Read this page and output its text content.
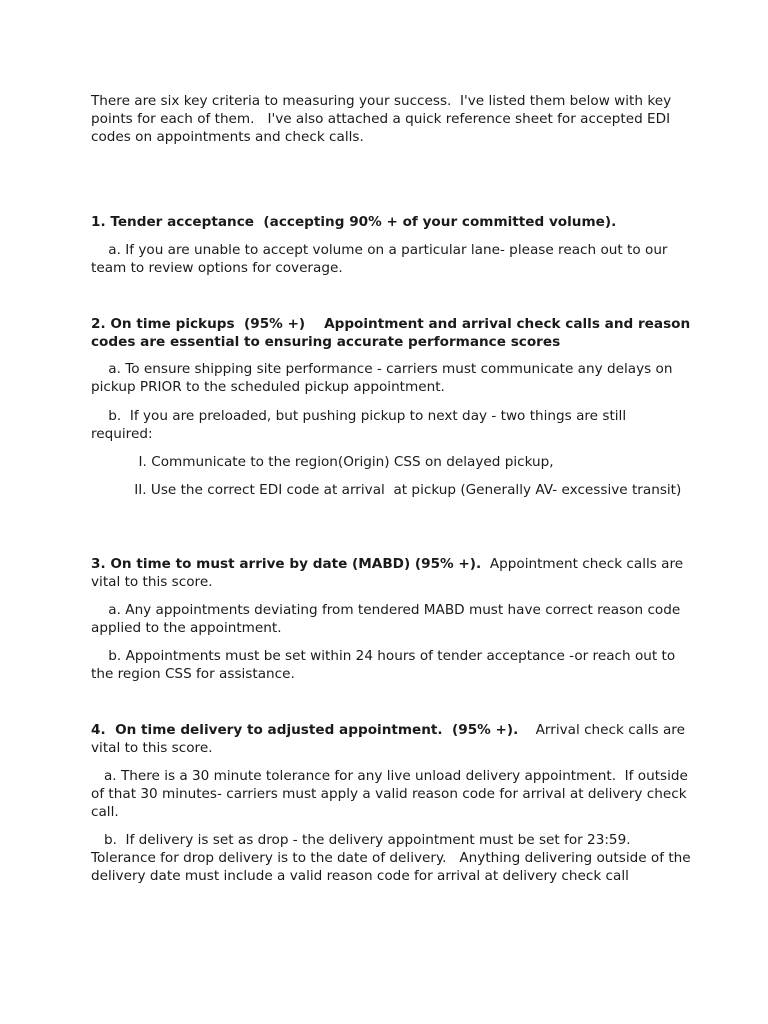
There are six key criteria to measuring your success.  I've listed them below with key points for each of them.   I've also attached a quick reference sheet for accepted EDI codes on appointments and check calls.

1. Tender acceptance  (accepting 90% + of your committed volume).

a. If you are unable to accept volume on a particular lane- please reach out to our team to review options for coverage.

2. On time pickups  (95% +)    Appointment and arrival check calls and reason codes are essential to ensuring accurate performance scores

a. To ensure shipping site performance - carriers must communicate any delays on pickup PRIOR to the scheduled pickup appointment.

b.  If you are preloaded, but pushing pickup to next day - two things are still required:

I. Communicate to the region(Origin) CSS on delayed pickup,

II. Use the correct EDI code at arrival  at pickup (Generally AV- excessive transit)

3. On time to must arrive by date (MABD) (95% +).  Appointment check calls are vital to this score.

a. Any appointments deviating from tendered MABD must have correct reason code applied to the appointment.

b. Appointments must be set within 24 hours of tender acceptance -or reach out to the region CSS for assistance.

4.  On time delivery to adjusted appointment.  (95% +).    Arrival check calls are vital to this score.

a. There is a 30 minute tolerance for any live unload delivery appointment.  If outside of that 30 minutes- carriers must apply a valid reason code for arrival at delivery check call.

b.  If delivery is set as drop - the delivery appointment must be set for 23:59.  Tolerance for drop delivery is to the date of delivery.   Anything delivering outside of the delivery date must include a valid reason code for arrival at delivery check call
